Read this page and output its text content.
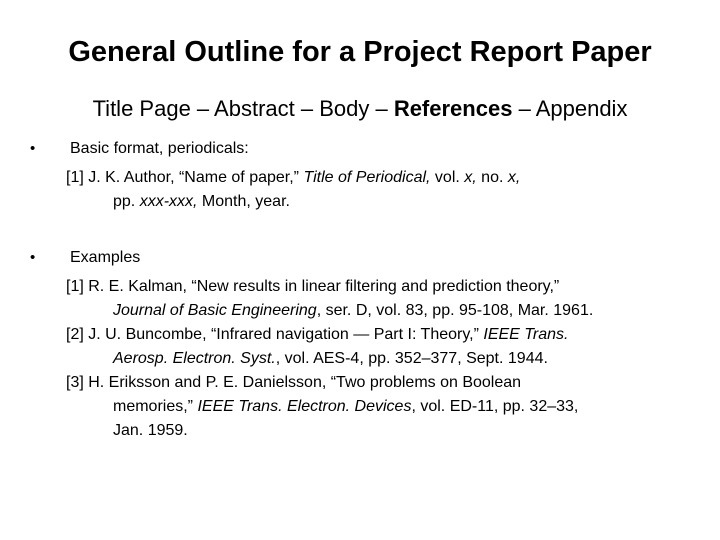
General Outline for a Project Report Paper
Title Page – Abstract – Body – References – Appendix
• Basic format, periodicals:
[1] J. K. Author, “Name of paper,” Title of Periodical, vol. x, no. x,
pp. xxx-xxx, Month, year.
• Examples
[1] R. E. Kalman, “New results in linear filtering and prediction theory,”
Journal of Basic Engineering, ser. D, vol. 83, pp. 95-108, Mar. 1961.
[2] J. U. Buncombe, “Infrared navigation — Part I: Theory,” IEEE Trans.
Aerosp. Electron. Syst., vol. AES-4, pp. 352–377, Sept. 1944.
[3] H. Eriksson and P. E. Danielsson, “Two problems on Boolean
memories,” IEEE Trans. Electron. Devices, vol. ED-11, pp. 32–33,
Jan. 1959.
